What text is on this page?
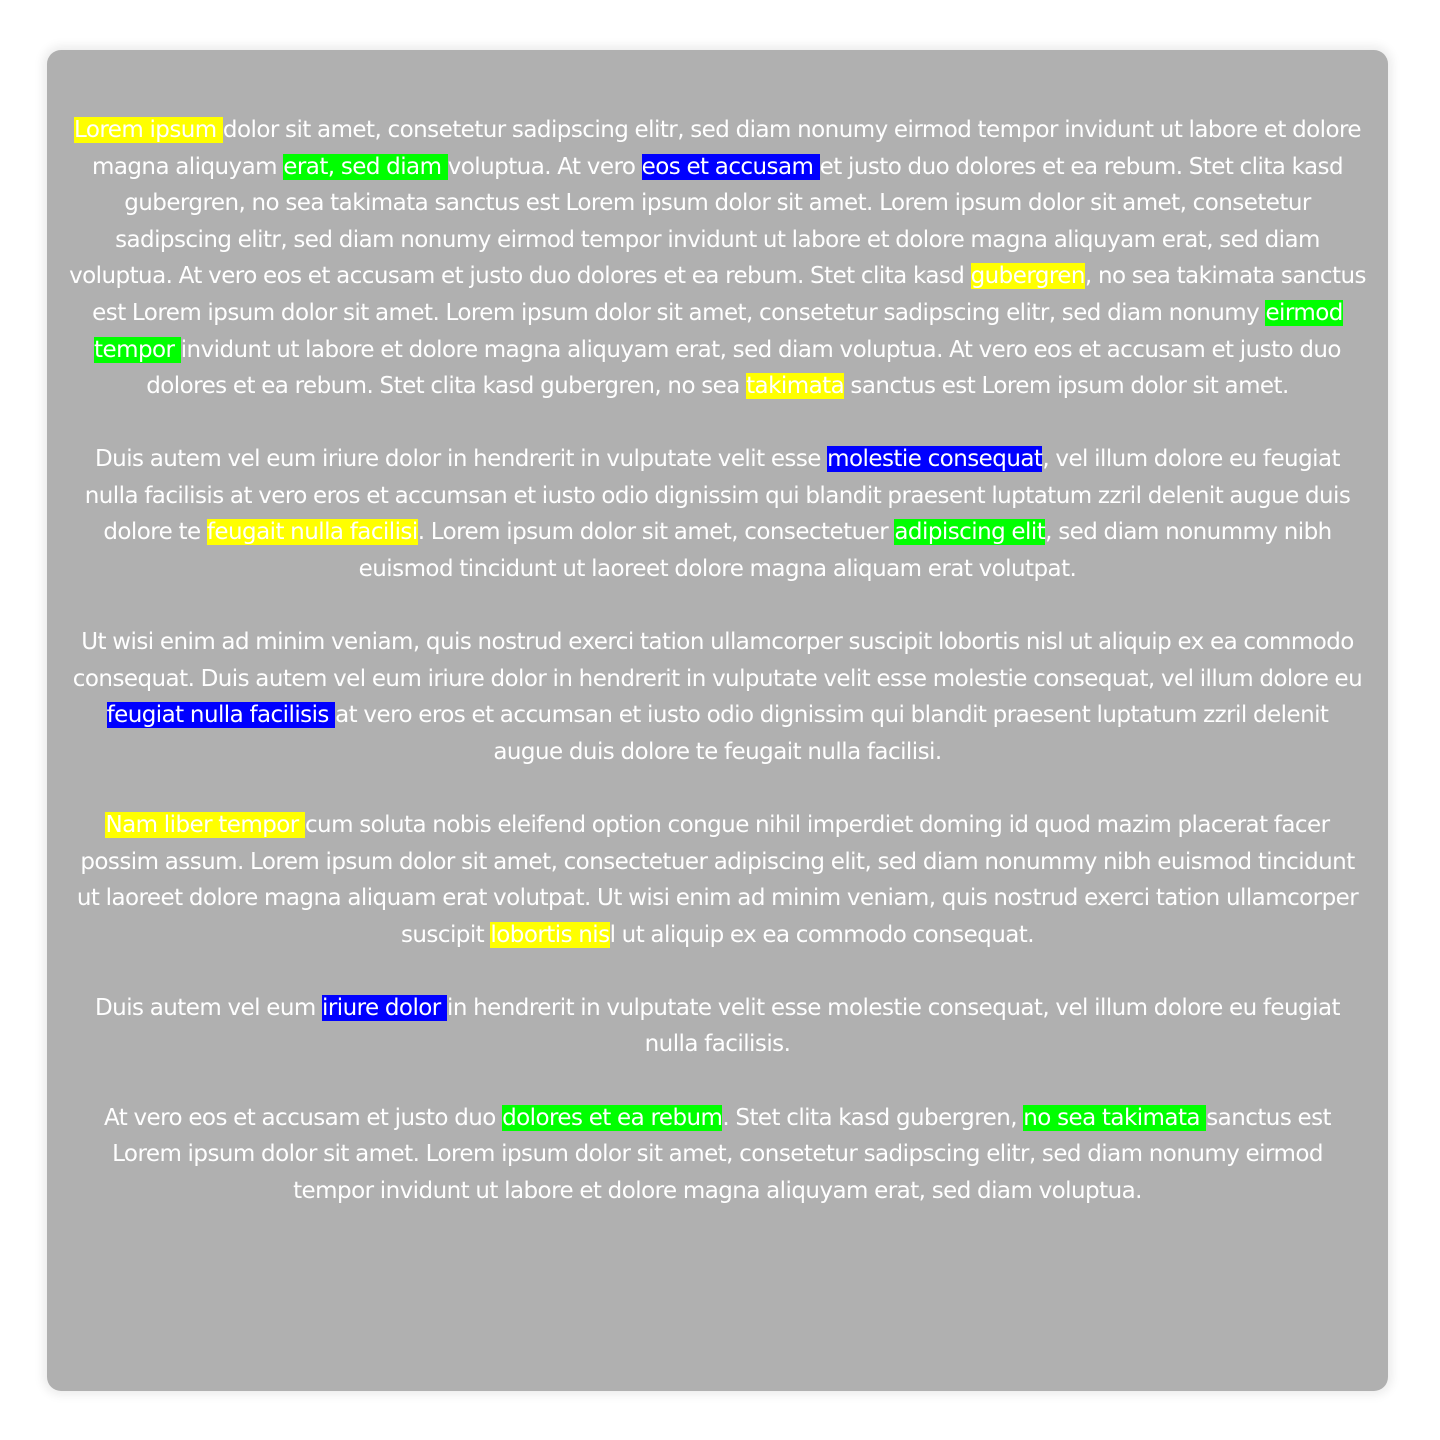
Lorem ipsum dolor sit amet, consetetur sadipscing elitr, sed diam nonumy eirmod tempor invidunt ut labore et dolore magna aliquyam erat, sed diam voluptua. At vero eos et accusam et justo duo dolores et ea rebum. Stet clita kasd gubergren, no sea takimata sanctus est Lorem ipsum dolor sit amet. Lorem ipsum dolor sit amet, consetetur sadipscing elitr, sed diam nonumy eirmod tempor invidunt ut labore et dolore magna aliquyam erat, sed diam voluptua. At vero eos et accusam et justo duo dolores et ea rebum. Stet clita kasd gubergren, no sea takimata sanctus est Lorem ipsum dolor sit amet. Lorem ipsum dolor sit amet, consetetur sadipscing elitr, sed diam nonumy eirmod tempor invidunt ut labore et dolore magna aliquyam erat, sed diam voluptua. At vero eos et accusam et justo duo dolores et ea rebum. Stet clita kasd gubergren, no sea takimata sanctus est Lorem ipsum dolor sit amet.

Duis autem vel eum iriure dolor in hendrerit in vulputate velit esse molestie consequat, vel illum dolore eu feugiat nulla facilisis at vero eros et accumsan et iusto odio dignissim qui blandit praesent luptatum zzril delenit augue duis dolore te feugait nulla facilisi. Lorem ipsum dolor sit amet, consectetuer adipiscing elit, sed diam nonummy nibh euismod tincidunt ut laoreet dolore magna aliquam erat volutpat.

Ut wisi enim ad minim veniam, quis nostrud exerci tation ullamcorper suscipit lobortis nisl ut aliquip ex ea commodo consequat. Duis autem vel eum iriure dolor in hendrerit in vulputate velit esse molestie consequat, vel illum dolore eu feugiat nulla facilisis at vero eros et accumsan et iusto odio dignissim qui blandit praesent luptatum zzril delenit augue duis dolore te feugait nulla facilisi.

Nam liber tempor cum soluta nobis eleifend option congue nihil imperdiet doming id quod mazim placerat facer possim assum. Lorem ipsum dolor sit amet, consectetuer adipiscing elit, sed diam nonummy nibh euismod tincidunt ut laoreet dolore magna aliquam erat volutpat. Ut wisi enim ad minim veniam, quis nostrud exerci tation ullamcorper suscipit lobortis nisl ut aliquip ex ea commodo consequat.

Duis autem vel eum iriure dolor in hendrerit in vulputate velit esse molestie consequat, vel illum dolore eu feugiat nulla facilisis.

At vero eos et accusam et justo duo dolores et ea rebum. Stet clita kasd gubergren, no sea takimata sanctus est Lorem ipsum dolor sit amet. Lorem ipsum dolor sit amet, consetetur sadipscing elitr, sed diam nonumy eirmod tempor invidunt ut labore et dolore magna aliquyam erat, sed diam voluptua.
